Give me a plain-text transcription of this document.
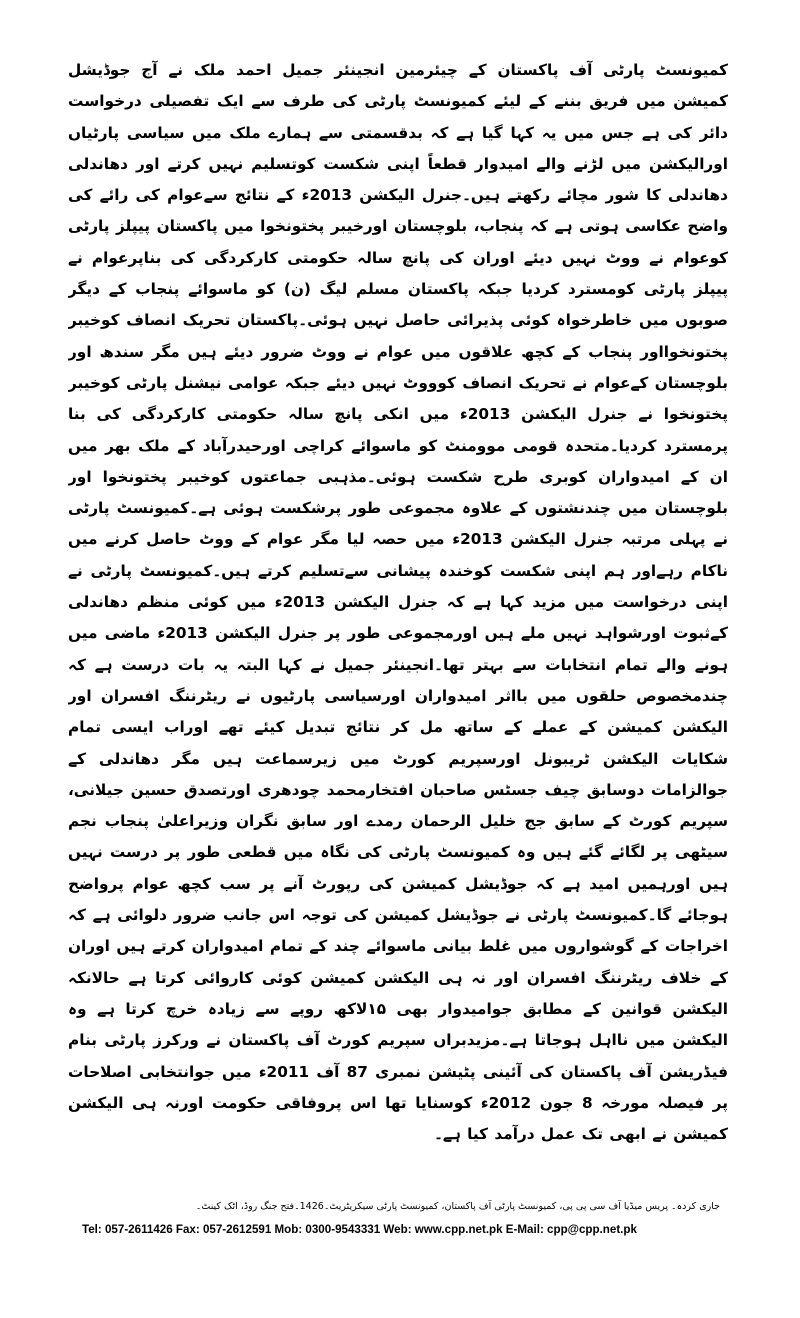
کمیونسٹ پارٹی آف پاکستان کے چیئرمین انجینئر جمیل احمد ملک نے آج جوڈیشل کمیشن میں فریق بننے کے لیئے کمیونسٹ پارٹی کی طرف سے ایک تفصیلی درخواست دائر کی ہے جس میں یہ کہا گیا ہے کہ بدقسمتی سے ہمارے ملک میں سیاسی پارٹیاں اورالیکشن میں لڑنے والے امیدوار قطعاً اپنی شکست کوتسلیم نہیں کرتے اور دھاندلی دھاندلی کا شور مچائے رکھتے ہیں۔جنرل الیکشن 2013ء کے نتائج سےعوام کی رائے کی واضح عکاسی ہوتی ہے کہ پنجاب، بلوچستان اورخیبر پختونخوا میں پاکستان پیپلز پارٹی کوعوام نے ووٹ نہیں دیئے اوران کی پانچ سالہ حکومتی کارکردگی کی بناپرعوام نے پیپلز پارٹی کومسترد کردیا جبکہ پاکستان مسلم لیگ (ن) کو ماسوائے پنجاب کے دیگر صوبوں میں خاطرخواہ کوئی پذیرائی حاصل نہیں ہوئی۔پاکستان تحریک انصاف کوخیبر پختونخوااور پنجاب کے کچھ علاقوں میں عوام نے ووٹ ضرور دیئے ہیں مگر سندھ اور بلوچستان کےعوام نے تحریک انصاف کوووٹ نہیں دیئے جبکہ عوامی نیشنل پارٹی کوخیبر پختونخوا نے جنرل الیکشن 2013ء میں انکی پانچ سالہ حکومتی کارکردگی کی بنا پرمسترد کردیا۔متحدہ قومی موومنٹ کو ماسوائے کراچی اورحیدرآباد کے ملک بھر میں ان کے امیدواران کوبری طرح شکست ہوئی۔مذہبی جماعتوں کوخیبر پختونخوا اور بلوچستان میں چندنشتوں کے علاوہ مجموعی طور پرشکست ہوئی ہے۔کمیونسٹ پارٹی نے پہلی مرتبہ جنرل الیکشن 2013ء میں حصہ لیا مگر عوام کے ووٹ حاصل کرنے میں ناکام رہےاور ہم اپنی شکست کوخندہ پیشانی سےتسلیم کرتے ہیں۔کمیونسٹ پارٹی نے اپنی درخواست میں مزید کہا ہے کہ جنرل الیکشن 2013ء میں کوئی منظم دھاندلی کےثبوت اورشواہد نہیں ملے ہیں اورمجموعی طور پر جنرل الیکشن 2013ء ماضی میں ہونے والے تمام انتخابات سے بہتر تھا۔انجینئر جمیل نے کہا البتہ یہ بات درست ہے کہ چندمخصوص حلقوں میں بااثر امیدواران اورسیاسی پارٹیوں نے ریٹرننگ افسران اور الیکشن کمیشن کے عملے کے ساتھ مل کر نتائج تبدیل کیئے تھے اوراب ایسی تمام شکایات الیکشن ٹریبونل اورسپریم کورٹ میں زیرسماعت ہیں مگر دھاندلی کے جوالزامات دوسابق چیف جسٹس صاحبان افتخارمحمد چودھری اورتصدق حسین جیلانی، سپریم کورٹ کے سابق جج خلیل الرحمان رمدے اور سابق نگران وزیراعلیٰ پنجاب نجم سیٹھی پر لگائے گئے ہیں وہ کمیونسٹ پارٹی کی نگاہ میں قطعی طور پر درست نہیں ہیں اورہمیں امید ہے کہ جوڈیشل کمیشن کی رپورٹ آنے پر سب کچھ عوام پرواضح ہوجائے گا۔کمیونسٹ پارٹی نے جوڈیشل کمیشن کی توجہ اس جانب ضرور دلوائی ہے کہ اخراجات کے گوشواروں میں غلط بیانی ماسوائے چند کے تمام امیدواران کرتے ہیں اوران کے خلاف ریٹرننگ افسران اور نہ ہی الیکشن کمیشن کوئی کاروائی کرتا ہے حالانکہ الیکشن قوانین کے مطابق جوامیدوار بھی ۱۵لاکھ روپے سے زیادہ خرچ کرتا ہے وہ الیکشن میں نااہل ہوجاتا ہے۔مزیدبراں سپریم کورٹ آف پاکستان نے ورکرز پارٹی بنام فیڈریشن آف پاکستان کی آئینی پٹیشن نمبری 87 آف 2011ء میں جوانتخابی اصلاحات پر فیصلہ مورخہ 8 جون 2012ء کوسنایا تھا اس پروفاقی حکومت اورنہ ہی الیکشن کمیشن نے ابھی تک عمل درآمد کیا ہے۔

جاری کردہ۔ پریس میڈیا آف سی پی پی، کمیونسٹ پارٹی آف پاکستان، کمیونسٹ پارٹی سیکریٹریٹ۔1426۔فتح جنگ روڈ، اٹک کینٹ۔

Tel: 057-2611426 Fax: 057-2612591 Mob: 0300-9543331 Web: www.cpp.net.pk E-Mail: cpp@cpp.net.pk
